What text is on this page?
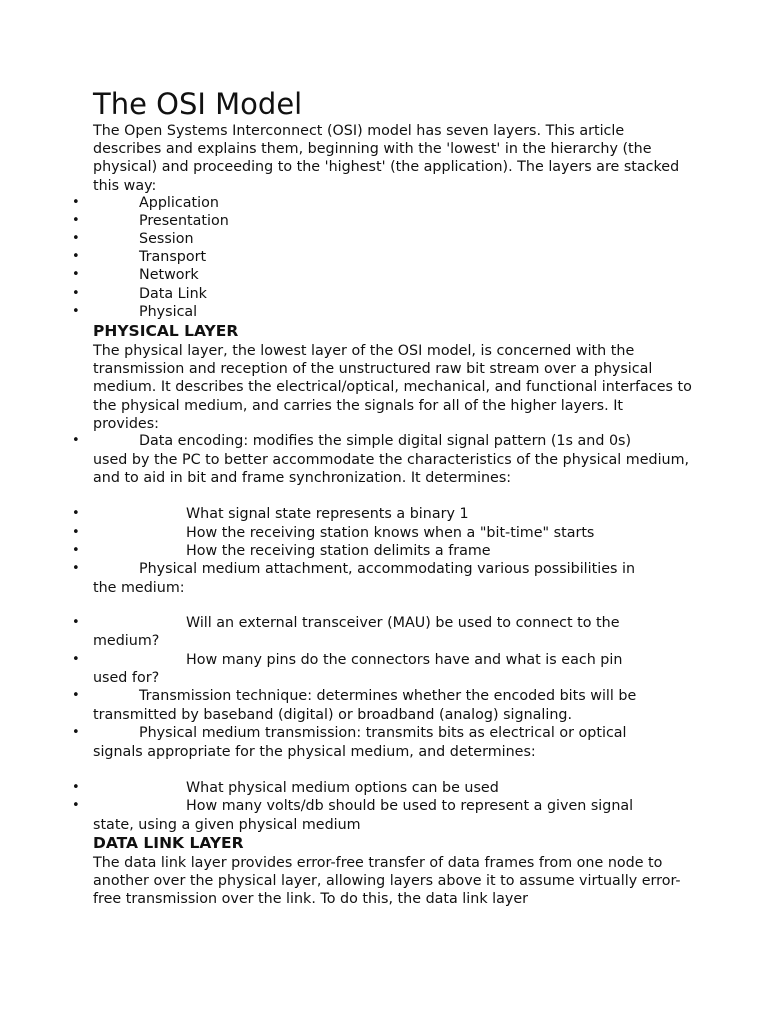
The OSI Model

The Open Systems Interconnect (OSI) model has seven layers. This article describes and explains them, beginning with the 'lowest' in the hierarchy (the physical) and proceeding to the 'highest' (the application). The layers are stacked this way:

•	Application

•	Presentation

•	Session

•	Transport

•	Network

•	Data Link

•	Physical

PHYSICAL LAYER

The physical layer, the lowest layer of the OSI model, is concerned with the transmission and reception of the unstructured raw bit stream over a physical medium. It describes the electrical/optical, mechanical, and functional interfaces to the physical medium, and carries the signals for all of the higher layers. It provides:

•	Data encoding: modifies the simple digital signal pattern (1s and 0s)

used by the PC to better accommodate the characteristics of the physical medium, and to aid in bit and frame synchronization. It determines:

•	What signal state represents a binary 1

•	How the receiving station knows when a "bit-time" starts

•	How the receiving station delimits a frame

•	Physical medium attachment, accommodating various possibilities in

the medium:

•	Will an external transceiver (MAU) be used to connect to the

medium?

•	How many pins do the connectors have and what is each pin

used for?

•	Transmission technique: determines whether the encoded bits will be

transmitted by baseband (digital) or broadband (analog) signaling.

•	Physical medium transmission: transmits bits as electrical or optical

signals appropriate for the physical medium, and determines:

•	What physical medium options can be used

•	How many volts/db should be used to represent a given signal

state, using a given physical medium

DATA LINK LAYER

The data link layer provides error-free transfer of data frames from one node to another over the physical layer, allowing layers above it to assume virtually error-free transmission over the link. To do this, the data link layer
